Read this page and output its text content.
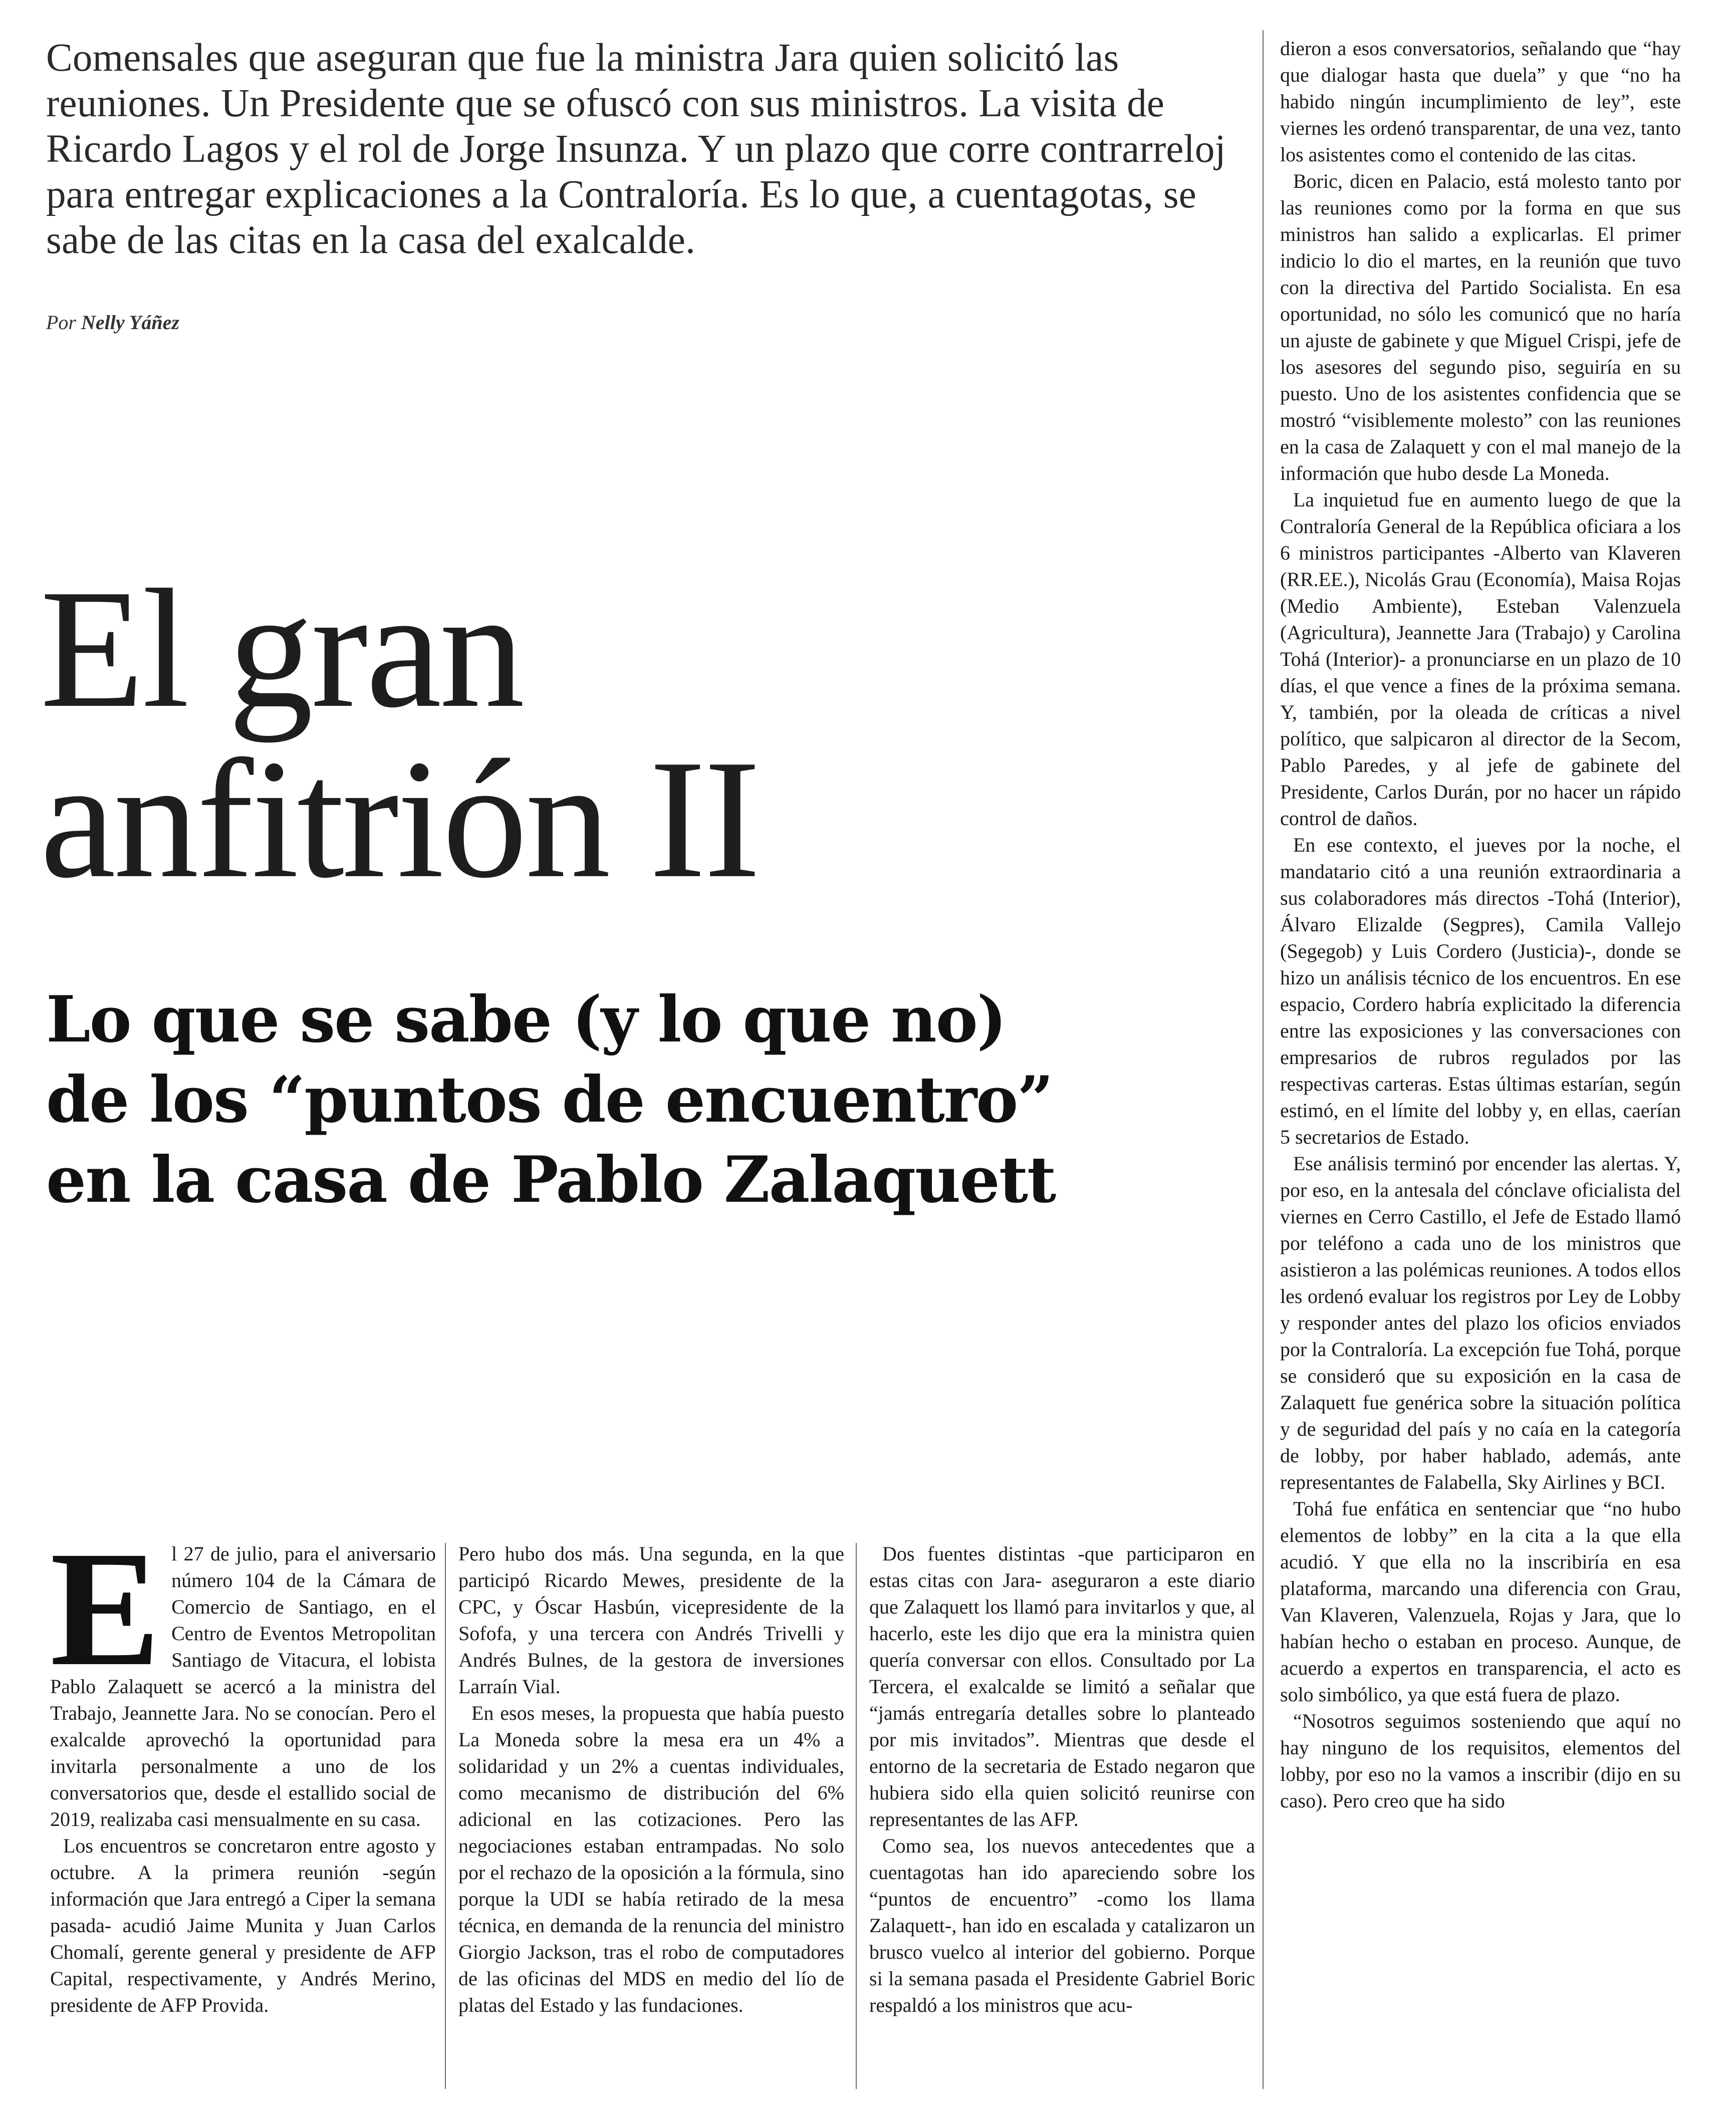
Comensales que aseguran que fue la ministra Jara quien solicitó las reuniones. Un Presidente que se ofuscó con sus ministros. La visita de Ricardo Lagos y el rol de Jorge Insunza. Y un plazo que corre contrarreloj para entregar explicaciones a la Contraloría. Es lo que, a cuentagotas, se sabe de las citas en la casa del exalcalde.

Por Nelly Yáñez

El gran
anfitrión II
Lo que se sabe (y lo que no)
de los “puntos de encuentro”
en la casa de Pablo Zalaquett
E l 27 de julio, para el aniversario número 104 de la Cámara de Comercio de Santiago, en el Centro de Eventos Metropolitan Santiago de Vitacura, el lobista Pablo Zalaquett se acercó a la ministra del Trabajo, Jeannette Jara. No se conocían. Pero el exalcalde aprovechó la oportunidad para invitarla personalmente a uno de los conversatorios que, desde el estallido social de 2019, realizaba casi mensualmente en su casa.

Los encuentros se concretaron entre agosto y octubre. A la primera reunión -según información que Jara entregó a Ciper la semana pasada- acudió Jaime Munita y Juan Carlos Chomalí, gerente general y presidente de AFP Capital, respectivamente, y Andrés Merino, presidente de AFP Provida.

Pero hubo dos más. Una segunda, en la que participó Ricardo Mewes, presidente de la CPC, y Óscar Hasbún, vicepresidente de la Sofofa, y una tercera con Andrés Trivelli y Andrés Bulnes, de la gestora de inversiones Larraín Vial.

En esos meses, la propuesta que había puesto La Moneda sobre la mesa era un 4% a solidaridad y un 2% a cuentas individuales, como mecanismo de distribución del 6% adicional en las cotizaciones. Pero las negociaciones estaban entrampadas. No solo por el rechazo de la oposición a la fórmula, sino porque la UDI se había retirado de la mesa técnica, en demanda de la renuncia del ministro Giorgio Jackson, tras el robo de computadores de las oficinas del MDS en medio del lío de platas del Estado y las fundaciones.

Dos fuentes distintas -que participaron en estas citas con Jara- aseguraron a este diario que Zalaquett los llamó para invitarlos y que, al hacerlo, este les dijo que era la ministra quien quería conversar con ellos. Consultado por La Tercera, el exalcalde se limitó a señalar que “jamás entregaría detalles sobre lo planteado por mis invitados”. Mientras que desde el entorno de la secretaria de Estado negaron que hubiera sido ella quien solicitó reunirse con representantes de las AFP.

Como sea, los nuevos antecedentes que a cuentagotas han ido apareciendo sobre los “puntos de encuentro” -como los llama Zalaquett-, han ido en escalada y catalizaron un brusco vuelco al interior del gobierno. Porque si la semana pasada el Presidente Gabriel Boric respaldó a los ministros que acu-

dieron a esos conversatorios, señalando que “hay que dialogar hasta que duela” y que “no ha habido ningún incumplimiento de ley”, este viernes les ordenó transparentar, de una vez, tanto los asistentes como el contenido de las citas.

Boric, dicen en Palacio, está molesto tanto por las reuniones como por la forma en que sus ministros han salido a explicarlas. El primer indicio lo dio el martes, en la reunión que tuvo con la directiva del Partido Socialista. En esa oportunidad, no sólo les comunicó que no haría un ajuste de gabinete y que Miguel Crispi, jefe de los asesores del segundo piso, seguiría en su puesto. Uno de los asistentes confidencia que se mostró “visiblemente molesto” con las reuniones en la casa de Zalaquett y con el mal manejo de la información que hubo desde La Moneda.

La inquietud fue en aumento luego de que la Contraloría General de la República oficiara a los 6 ministros participantes -Alberto van Klaveren (RR.EE.), Nicolás Grau (Economía), Maisa Rojas (Medio Ambiente), Esteban Valenzuela (Agricultura), Jeannette Jara (Trabajo) y Carolina Tohá (Interior)- a pronunciarse en un plazo de 10 días, el que vence a fines de la próxima semana. Y, también, por la oleada de críticas a nivel político, que salpicaron al director de la Secom, Pablo Paredes, y al jefe de gabinete del Presidente, Carlos Durán, por no hacer un rápido control de daños.

En ese contexto, el jueves por la noche, el mandatario citó a una reunión extraordinaria a sus colaboradores más directos -Tohá (Interior), Álvaro Elizalde (Segpres), Camila Vallejo (Segegob) y Luis Cordero (Justicia)-, donde se hizo un análisis técnico de los encuentros. En ese espacio, Cordero habría explicitado la diferencia entre las exposiciones y las conversaciones con empresarios de rubros regulados por las respectivas carteras. Estas últimas estarían, según estimó, en el límite del lobby y, en ellas, caerían 5 secretarios de Estado.

Ese análisis terminó por encender las alertas. Y, por eso, en la antesala del cónclave oficialista del viernes en Cerro Castillo, el Jefe de Estado llamó por teléfono a cada uno de los ministros que asistieron a las polémicas reuniones. A todos ellos les ordenó evaluar los registros por Ley de Lobby y responder antes del plazo los oficios enviados por la Contraloría. La excepción fue Tohá, porque se consideró que su exposición en la casa de Zalaquett fue genérica sobre la situación política y de seguridad del país y no caía en la categoría de lobby, por haber hablado, además, ante representantes de Falabella, Sky Airlines y BCI.

Tohá fue enfática en sentenciar que “no hubo elementos de lobby” en la cita a la que ella acudió. Y que ella no la inscribiría en esa plataforma, marcando una diferencia con Grau, Van Klaveren, Valenzuela, Rojas y Jara, que lo habían hecho o estaban en proceso. Aunque, de acuerdo a expertos en transparencia, el acto es solo simbólico, ya que está fuera de plazo.

“Nosotros seguimos sosteniendo que aquí no hay ninguno de los requisitos, elementos del lobby, por eso no la vamos a inscribir (dijo en su caso). Pero creo que ha sido
